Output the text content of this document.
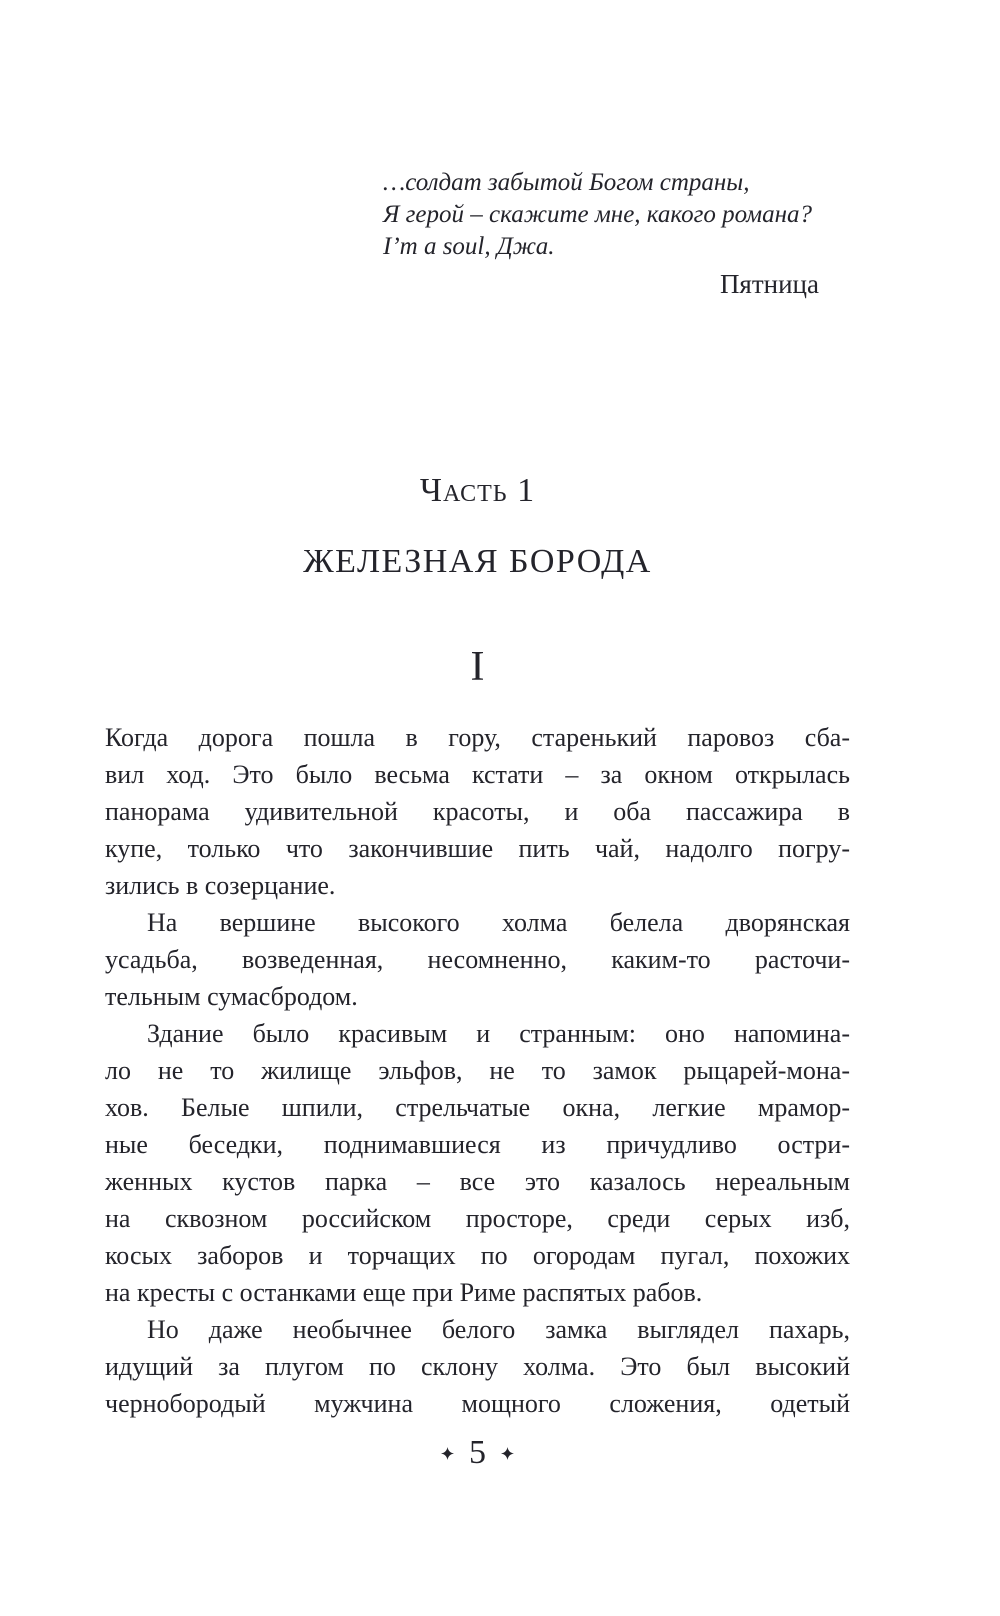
…солдат забытой Богом страны,
Я герой – скажите мне, какого романа?
I’m a soul, Джа.
Пятница
Часть 1
ЖЕЛЕЗНАЯ БОРОДА
I
Когда дорога пошла в гору, старенький паровоз сба-
вил ход. Это было весьма кстати – за окном открылась
панорама удивительной красоты, и оба пассажира в
купе, только что закончившие пить чай, надолго погру-
зились в созерцание.
На вершине высокого холма белела дворянская
усадьба, возведенная, несомненно, каким-то расточи-
тельным сумасбродом.
Здание было красивым и странным: оно напомина-
ло не то жилище эльфов, не то замок рыцарей-мона-
хов. Белые шпили, стрельчатые окна, легкие мрамор-
ные беседки, поднимавшиеся из причудливо остри-
женных кустов парка – все это казалось нереальным
на сквозном российском просторе, среди серых изб,
косых заборов и торчащих по огородам пугал, похожих
на кресты с останками еще при Риме распятых рабов.
Но даже необычнее белого замка выглядел пахарь,
идущий за плугом по склону холма. Это был высокий
чернобородый мужчина мощного сложения, одетый
5
